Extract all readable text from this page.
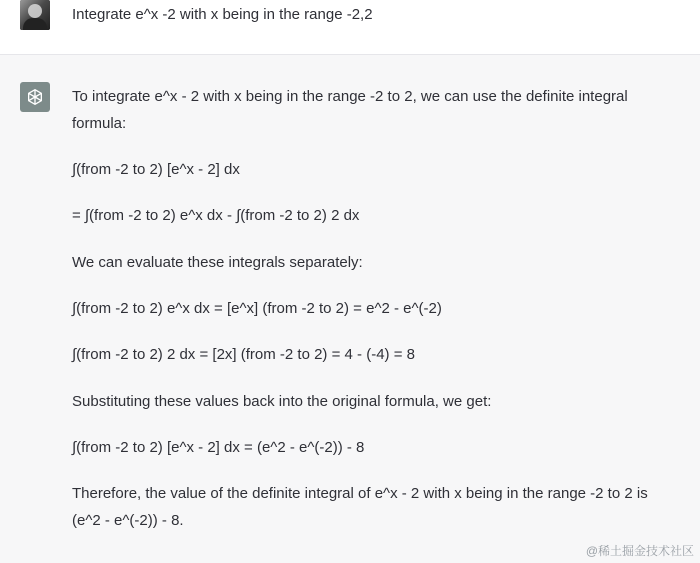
Integrate e^x -2 with x being in the range -2,2
To integrate e^x - 2 with x being in the range -2 to 2, we can use the definite integral
formula:
∫(from -2 to 2) [e^x - 2] dx
= ∫(from -2 to 2) e^x dx - ∫(from -2 to 2) 2 dx
We can evaluate these integrals separately:
∫(from -2 to 2) e^x dx = [e^x] (from -2 to 2) = e^2 - e^(-2)
∫(from -2 to 2) 2 dx = [2x] (from -2 to 2) = 4 - (-4) = 8
Substituting these values back into the original formula, we get:
∫(from -2 to 2) [e^x - 2] dx = (e^2 - e^(-2)) - 8
Therefore, the value of the definite integral of e^x - 2 with x being in the range -2 to 2 is
(e^2 - e^(-2)) - 8.
@稀土掘金技术社区
